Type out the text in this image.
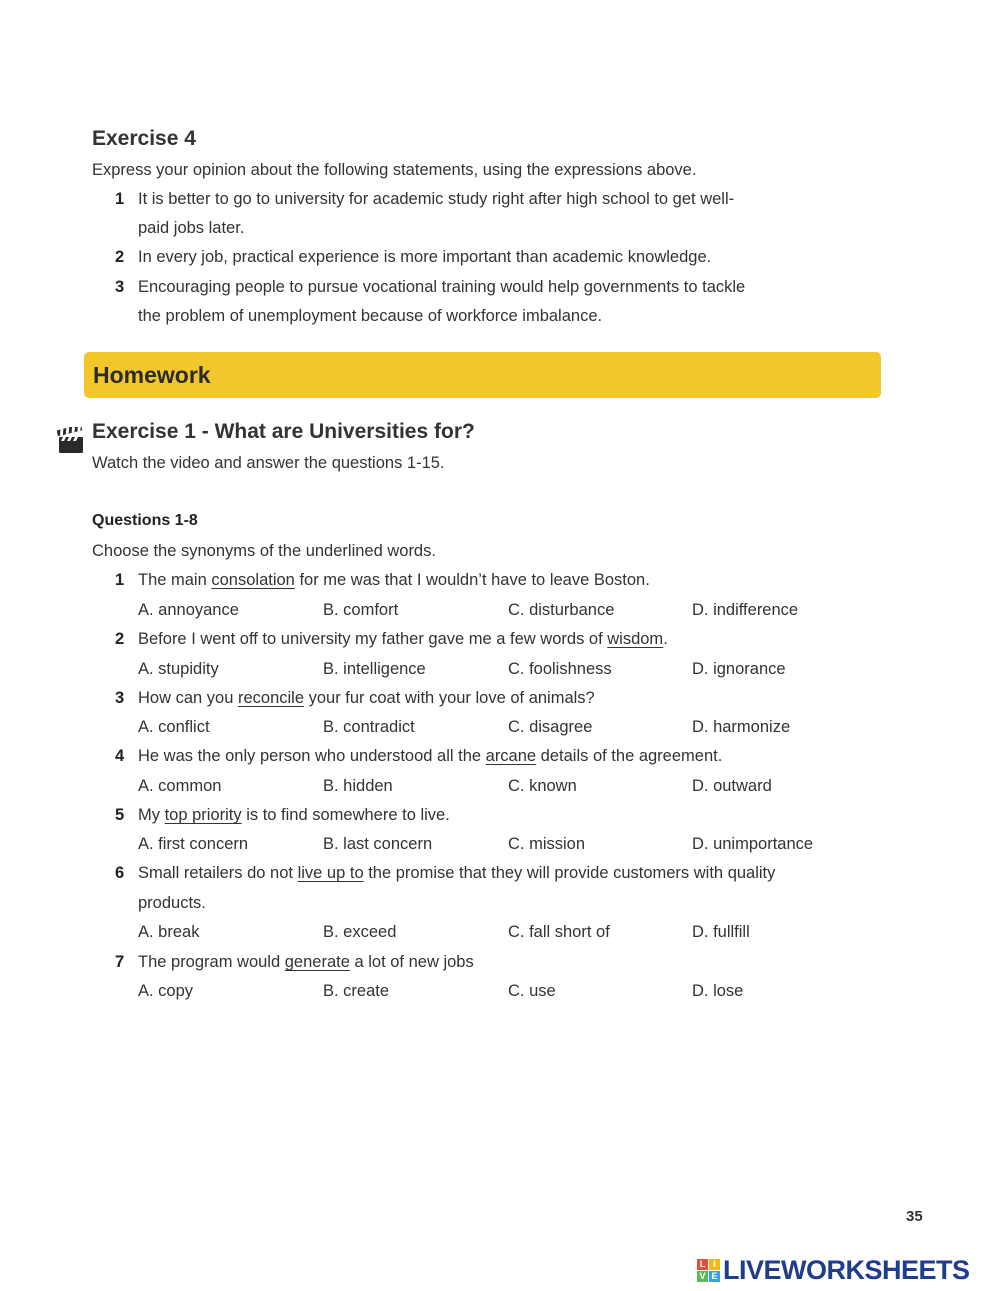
Exercise 4
Express your opinion about the following statements, using the expressions above.
1 It is better to go to university for academic study right after high school to get well-
paid jobs later.
2 In every job, practical experience is more important than academic knowledge.
3 Encouraging people to pursue vocational training would help governments to tackle
the problem of unemployment because of workforce imbalance.
Homework
Exercise 1 - What are Universities for?
Watch the video and answer the questions 1-15.
Questions 1-8
Choose the synonyms of the underlined words.
1 The main consolation for me was that I wouldn’t have to leave Boston.
A. annoyance	B. comfort	C. disturbance	D. indifference
2 Before I went off to university my father gave me a few words of wisdom.
A. stupidity	B. intelligence	C. foolishness	D. ignorance
3 How can you reconcile your fur coat with your love of animals?
A. conflict	B. contradict	C. disagree	D. harmonize
4 He was the only person who understood all the arcane details of the agreement.
A. common	B. hidden	C. known	D. outward
5 My top priority is to find somewhere to live.
A. first concern	B. last concern	C. mission	D. unimportance
6 Small retailers do not live up to the promise that they will provide customers with quality
products.
A. break	B. exceed	C. fall short of	D. fullfill
7 The program would generate a lot of new jobs
A. copy	B. create	C. use	D. lose
35
L I
V E LIVEWORKSHEETS
